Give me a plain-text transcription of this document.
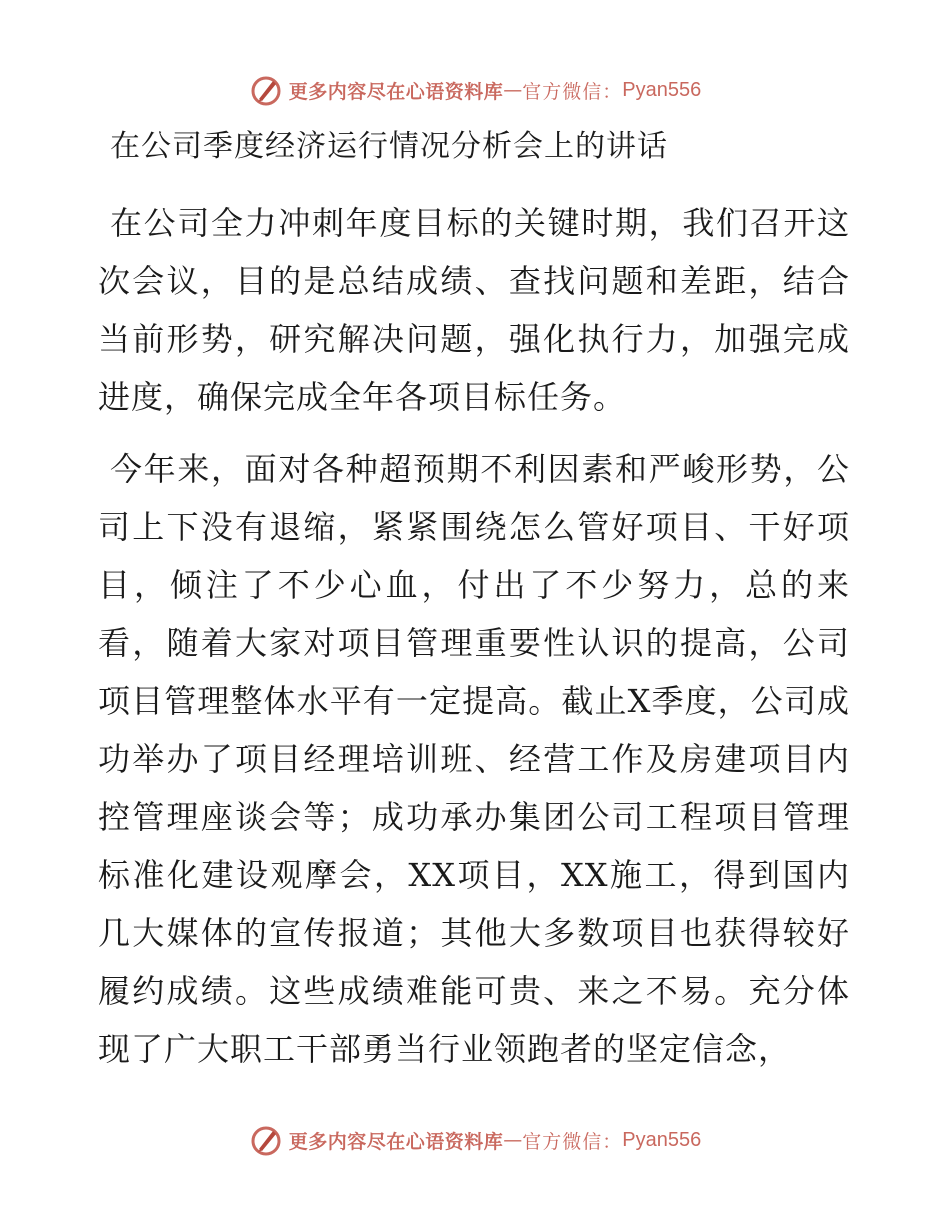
更多内容尽在心语资料库 — 官方微信： Pyan556
在公司季度经济运行情况分析会上的讲话

在公司全力冲刺年度目标的关键时期，我们召开这次会议，目的是总结成绩、查找问题和差距，结合当前形势，研究解决问题，强化执行力，加强完成进度，确保完成全年各项目标任务。

今年来，面对各种超预期不利因素和严峻形势，公司上下没有退缩，紧紧围绕怎么管好项目、干好项目，倾注了不少心血，付出了不少努力，总的来看，随着大家对项目管理重要性认识的提高，公司项目管理整体水平有一定提高。截止X季度，公司成功举办了项目经理培训班、经营工作及房建项目内控管理座谈会等；成功承办集团公司工程项目管理标准化建设观摩会，XX项目，XX施工，得到国内几大媒体的宣传报道；其他大多数项目也获得较好履约成绩。这些成绩难能可贵、来之不易。充分体现了广大职工干部勇当行业领跑者的坚定信念，

更多内容尽在心语资料库 — 官方微信： Pyan556
